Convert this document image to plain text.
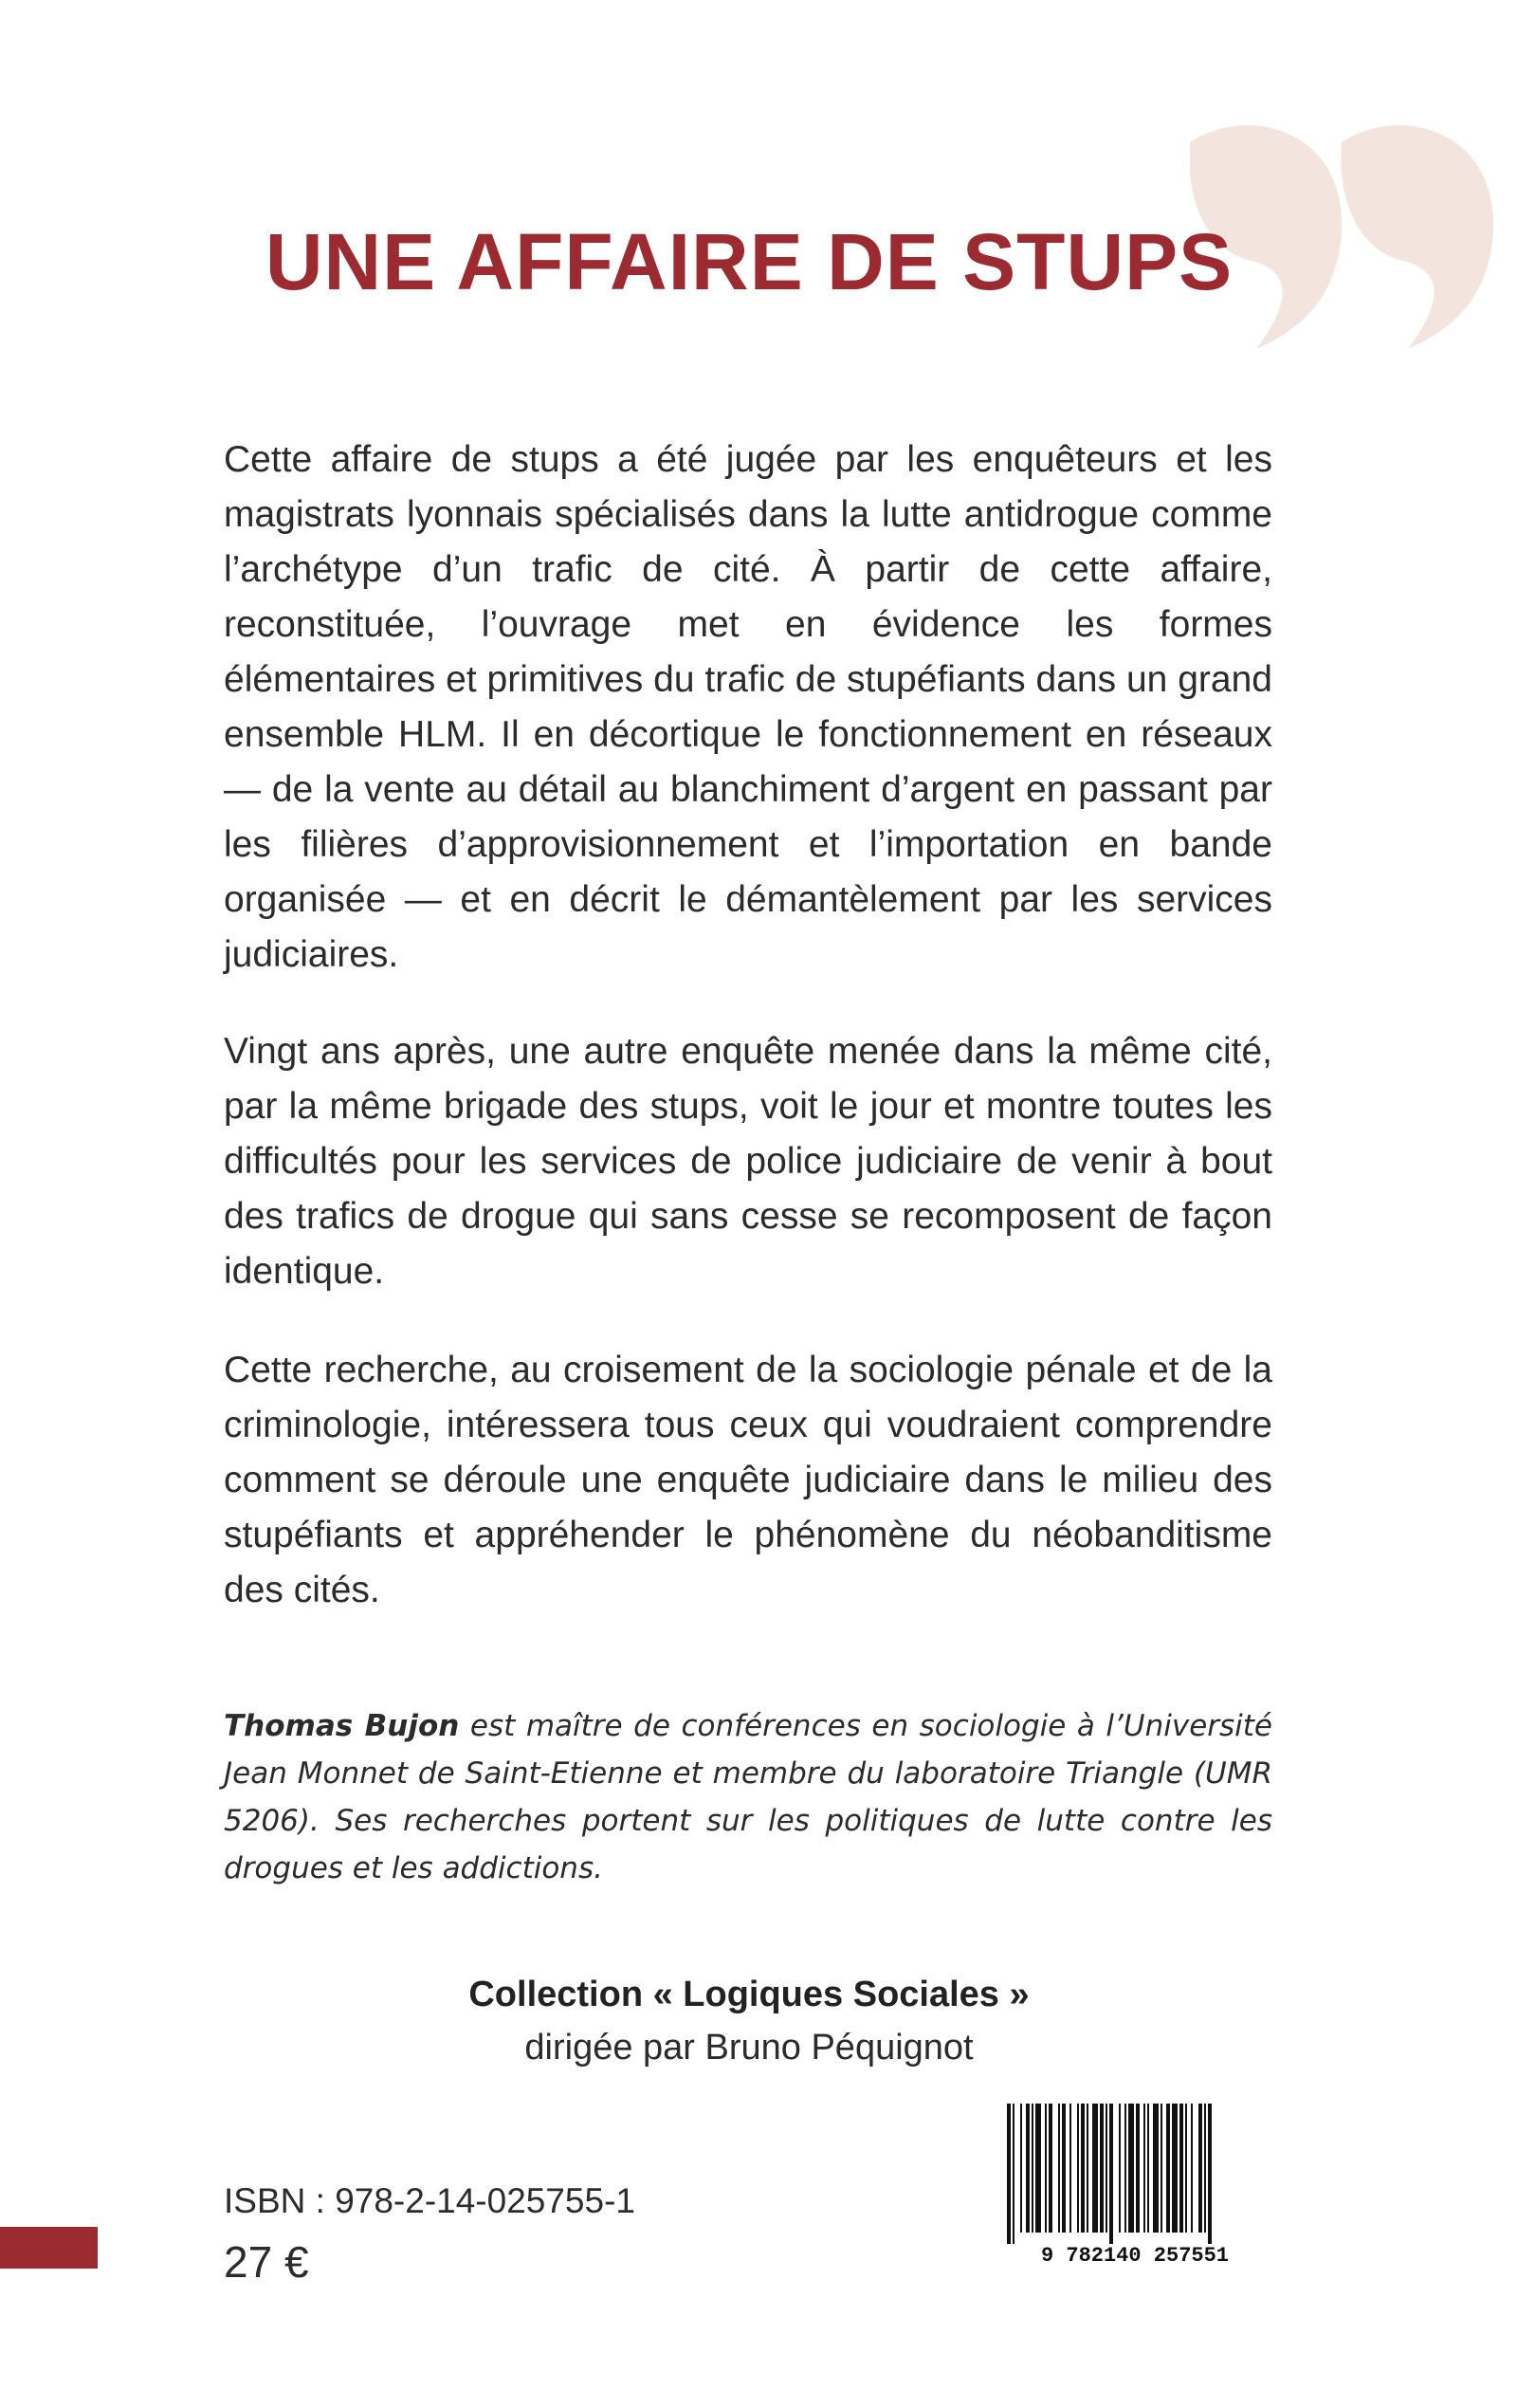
UNE AFFAIRE DE STUPS

Cette affaire de stups a été jugée par les enquêteurs et les magistrats lyonnais spécialisés dans la lutte antidrogue comme l’archétype d’un trafic de cité. À partir de cette affaire, reconstituée, l’ouvrage met en évidence les formes élémentaires et primitives du trafic de stupéfiants dans un grand ensemble HLM. Il en décortique le fonctionnement en réseaux — de la vente au détail au blanchiment d’argent en passant par les filières d’approvisionnement et l’importation en bande organisée — et en décrit le démantèlement par les services judiciaires.

Vingt ans après, une autre enquête menée dans la même cité, par la même brigade des stups, voit le jour et montre toutes les difficultés pour les services de police judiciaire de venir à bout des trafics de drogue qui sans cesse se recomposent de façon identique.

Cette recherche, au croisement de la sociologie pénale et de la criminologie, intéressera tous ceux qui voudraient comprendre comment se déroule une enquête judiciaire dans le milieu des stupéfiants et appréhender le phénomène du néobanditisme des cités.

Thomas Bujon est maître de conférences en sociologie à l’Université Jean Monnet de Saint-Etienne et membre du laboratoire Triangle (UMR 5206). Ses recherches portent sur les politiques de lutte contre les drogues et les addictions.

Collection « Logiques Sociales »
dirigée par Bruno Péquignot
9 782140 257551
ISBN : 978-2-14-025755-1
27 €
